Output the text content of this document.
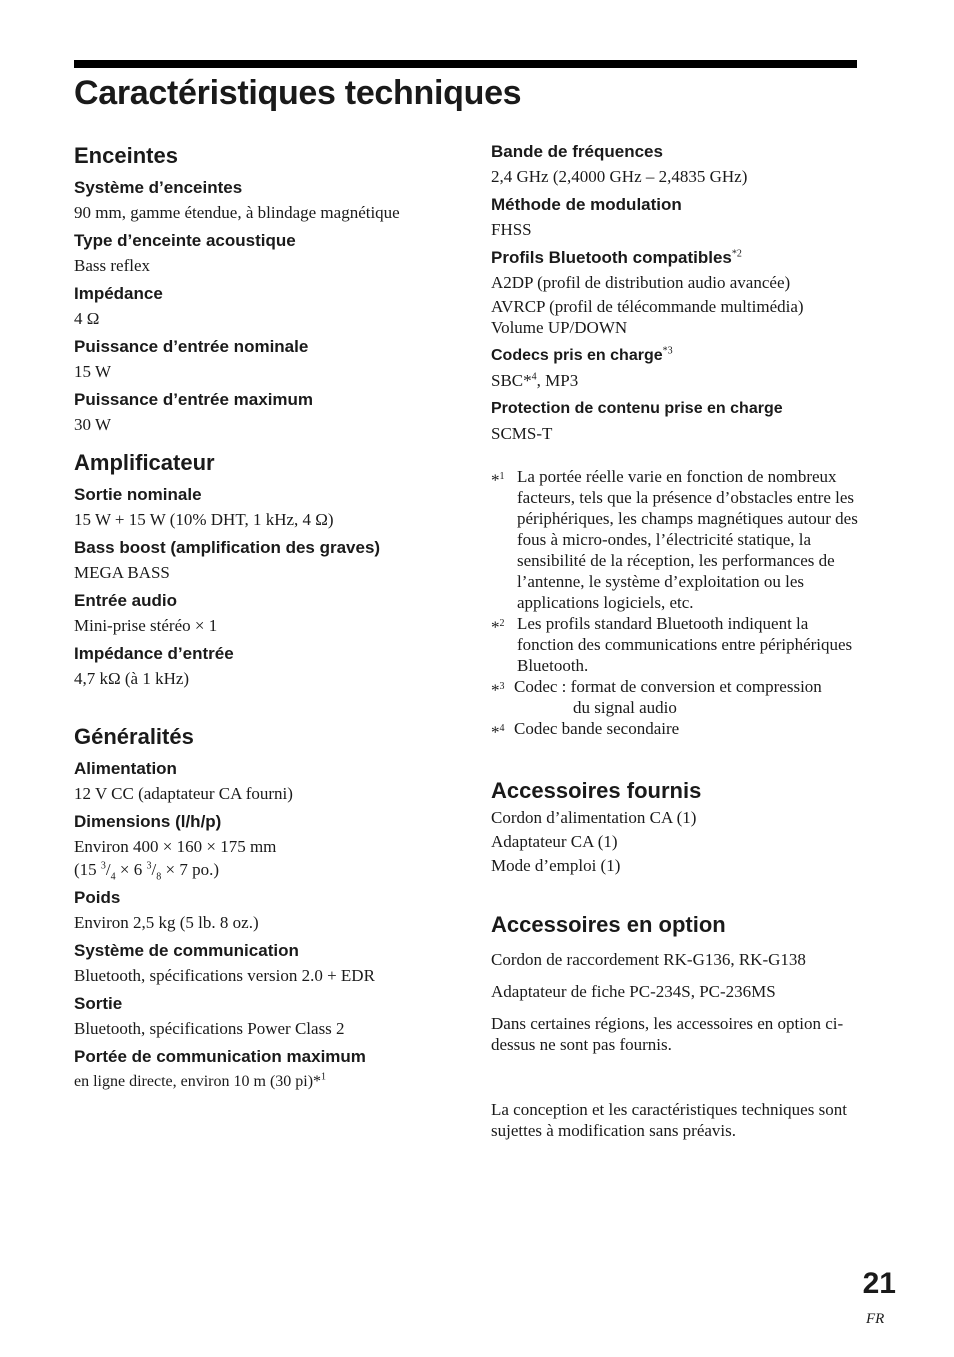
Caractéristiques techniques
Enceintes
Système d’enceintes
90 mm, gamme étendue, à blindage magnétique
Type d’enceinte acoustique
Bass reflex
Impédance
4 Ω
Puissance d’entrée nominale
15 W
Puissance d’entrée maximum
30 W
Amplificateur
Sortie nominale
15 W + 15 W (10% DHT, 1 kHz, 4 Ω)
Bass boost (amplification des graves)
MEGA BASS
Entrée audio
Mini-prise stéréo × 1
Impédance d’entrée
4,7 kΩ (à 1 kHz)
Généralités
Alimentation
12 V CC (adaptateur CA fourni)
Dimensions (l/h/p)
Environ 400 × 160 × 175 mm
(15 $^3/_4 \times 6$ $^3/_8 \times 7$ po.)
Poids
Environ 2,5 kg (5 lb. 8 oz.)
Système de communication
Bluetooth, spécifications version 2.0 + EDR
Sortie
Bluetooth, spécifications Power Class 2
Portée de communication maximum
en ligne directe, environ 10 m (30 pi)*$^1$
Bande de fréquences
2,4 GHz (2,4000 GHz – 2,4835 GHz)
Méthode de modulation
FHSS
Profils Bluetooth compatibles$^{*2}$
A2DP (profil de distribution audio avancée)
AVRCP (profil de télécommande multimédia)
Volume UP/DOWN
Codecs pris en charge$^{*3}$
SBC*$^4$, MP3
Protection de contenu prise en charge
SCMS-T
*$^1$ La portée réelle varie en fonction de nombreux facteurs, tels que la présence d’obstacles entre les périphériques, les champs magnétiques autour des fous à micro-ondes, l’électricité statique, la sensibilité de la réception, les performances de l’antenne, le système d’exploitation ou les applications logiciels, etc.
*$^2$ Les profils standard Bluetooth indiquent la fonction des communications entre périphériques Bluetooth.
*$^3$ Codec : format de conversion et compression
du signal audio
*$^4$ Codec bande secondaire
Accessoires fournis
Cordon d’alimentation CA (1)
Adaptateur CA (1)
Mode d’emploi (1)
Accessoires en option
Cordon de raccordement RK-G136, RK-G138
Adaptateur de fiche PC-234S, PC-236MS
Dans certaines régions, les accessoires en option ci-dessus ne sont pas fournis.
La conception et les caractéristiques techniques sont sujettes à modification sans préavis.
21
FR
